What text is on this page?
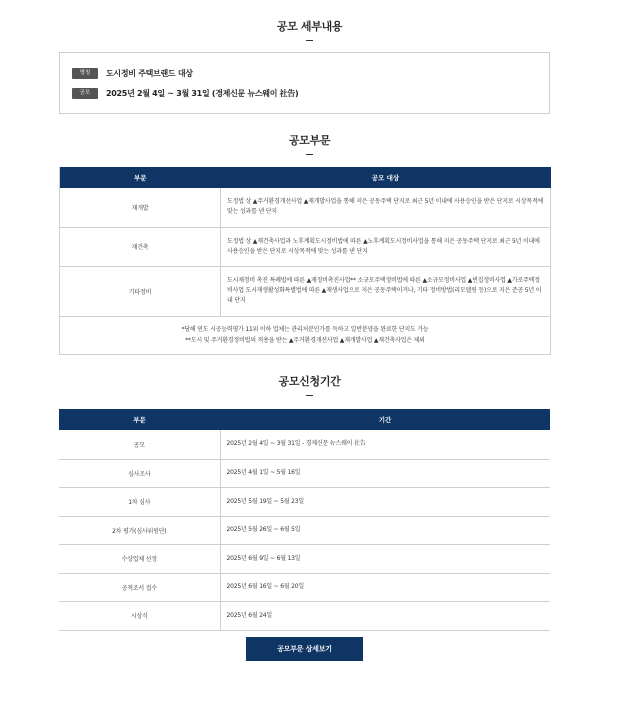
공모 세부내용
명칭	도시정비 주택브랜드 대상
공모	2025년 2월 4일 ~ 3월 31일 (경제신문 뉴스웨이 社告)
공모부문
부문	공모 대상
재개발	도정법 상 ▲주거환경개선사업 ▲재개발사업을 통해 지은 공동주택 단지로 최근 5년 이내에 사용승인을 받은 단지로 시상목적에 맞는 성과를 낸 단지
재건축	도정법 상 ▲재건축사업과 노후계획도시정비법에 따른 ▲노후계획도시정비사업을 통해 지은 공동주택 단지로 최근 5년 이내에 사용승인을 받은 단지로 시상목적에 맞는 성과를 낸 단지
기타정비	도시재정비 촉진 특례법에 따른 ▲재정비촉진사업** 소규모주택정비법에 따른 ▲소규모정비사업 ▲빈집정비사업 ▲가로주택정비사업 도시재생활성화특별법에 따른 ▲재생사업으로 지은 공동주택이거나, 기타 정비방법(리모델링 등)으로 지은 준공 5년 이내 단지

*당해 연도 시공능력평가 11위 이하 업체는 관리처분인가를 득하고 일반분양을 완료한 단지도 가능
**도시 및 주거환경정비법의 적용을 받는 ▲주거환경개선사업 ▲재개발사업 ▲재건축사업은 제외	
공모신청기간
부문	기간
공모	2025년 2월 4일 ~ 3월 31일 - 경제신문 뉴스웨이 社告
심사조사	2025년 4월 1일 ~ 5월 16일
1차 심사	2025년 5월 19일 ~ 5월 23일
2차 평가(심사위원단)	2025년 5월 26일 ~ 6월 5일
수상업체 선정	2025년 6월 9일 ~ 6월 13일
공적조서 접수	2025년 6월 16일 ~ 6월 20일
시상식	2025년 6월 24일
공모부문 상세보기
